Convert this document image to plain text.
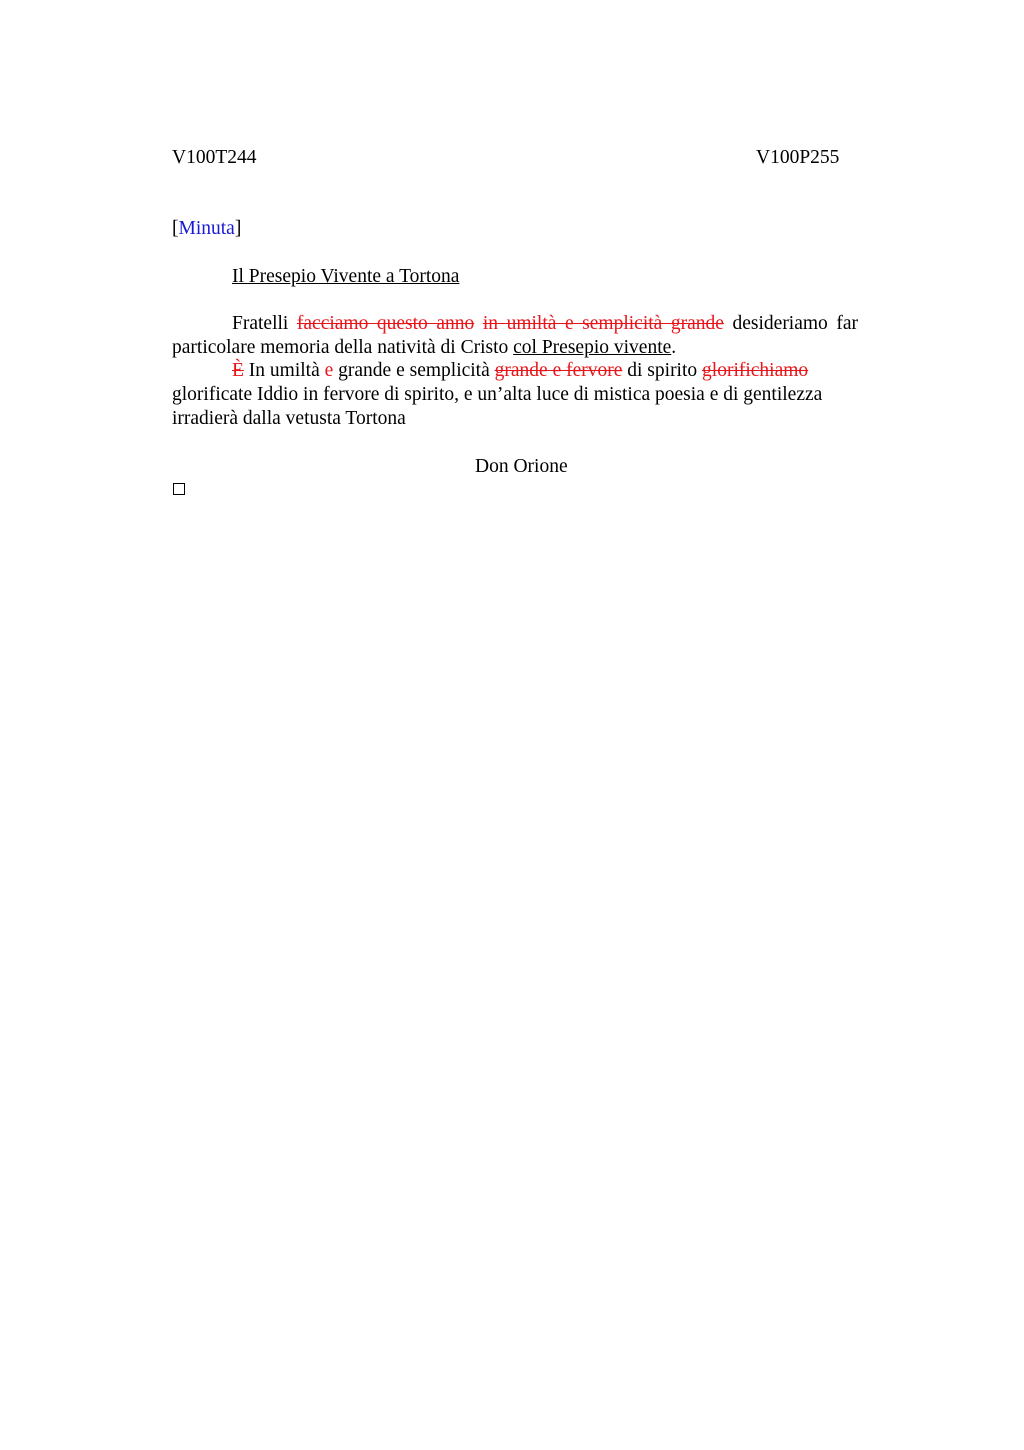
V100T244	V100P255
[Minuta]
Il Presepio Vivente a Tortona

Fratelli facciamo questo anno in umiltà e semplicità grande desideriamo far particolare memoria della natività di Cristo col Presepio vivente.

È In umiltà e grande e semplicità grande e fervore di spirito glorifichiamo glorificate Iddio in fervore di spirito, e un’alta luce di mistica poesia e di gentilezza irradierà dalla vetusta Tortona

Don Orione
